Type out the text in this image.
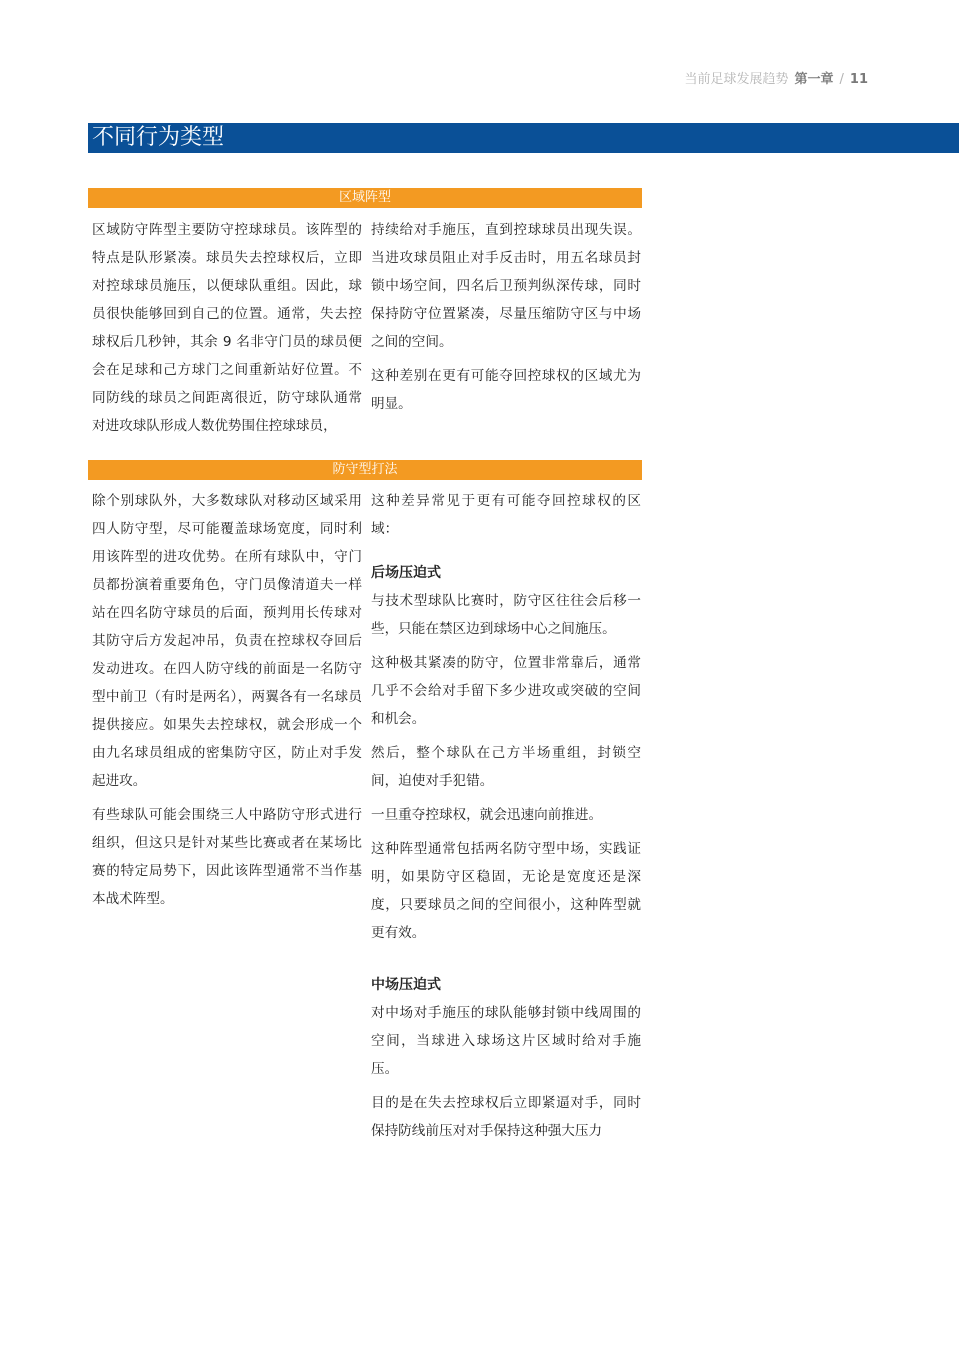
当前足球发展趋势 第一章 / 11
不同行为类型
区域阵型

区域防守阵型主要防守控球球员。该阵型的特点是队形紧凑。球员失去控球权后，立即对控球球员施压，以便球队重组。因此，球员很快能够回到自己的位置。通常，失去控球权后几秒钟，其余 9 名非守门员的球员便会在足球和己方球门之间重新站好位置。不同防线的球员之间距离很近，防守球队通常对进攻球队形成人数优势围住控球球员，

持续给对手施压，直到控球球员出现失误。当进攻球员阻止对手反击时，用五名球员封锁中场空间，四名后卫预判纵深传球，同时保持防守位置紧凑，尽量压缩防守区与中场之间的空间。

这种差别在更有可能夺回控球权的区域尤为明显。

防守型打法

除个别球队外，大多数球队对移动区域采用四人防守型，尽可能覆盖球场宽度，同时利用该阵型的进攻优势。在所有球队中，守门员都扮演着重要角色，守门员像清道夫一样站在四名防守球员的后面，预判用长传球对其防守后方发起冲吊，负责在控球权夺回后发动进攻。在四人防守线的前面是一名防守型中前卫（有时是两名），两翼各有一名球员提供接应。如果失去控球权，就会形成一个由九名球员组成的密集防守区，防止对手发起进攻。

有些球队可能会围绕三人中路防守形式进行组织，但这只是针对某些比赛或者在某场比赛的特定局势下，因此该阵型通常不当作基本战术阵型。

这种差异常见于更有可能夺回控球权的区域：

后场压迫式

与技术型球队比赛时，防守区往往会后移一些，只能在禁区边到球场中心之间施压。

这种极其紧凑的防守，位置非常靠后，通常几乎不会给对手留下多少进攻或突破的空间和机会。

然后，整个球队在己方半场重组，封锁空间，迫使对手犯错。

一旦重夺控球权，就会迅速向前推进。

这种阵型通常包括两名防守型中场，实践证明，如果防守区稳固，无论是宽度还是深度，只要球员之间的空间很小，这种阵型就更有效。

中场压迫式

对中场对手施压的球队能够封锁中线周围的空间，当球进入球场这片区域时给对手施压。

目的是在失去控球权后立即紧逼对手，同时保持防线前压对对手保持这种强大压力
